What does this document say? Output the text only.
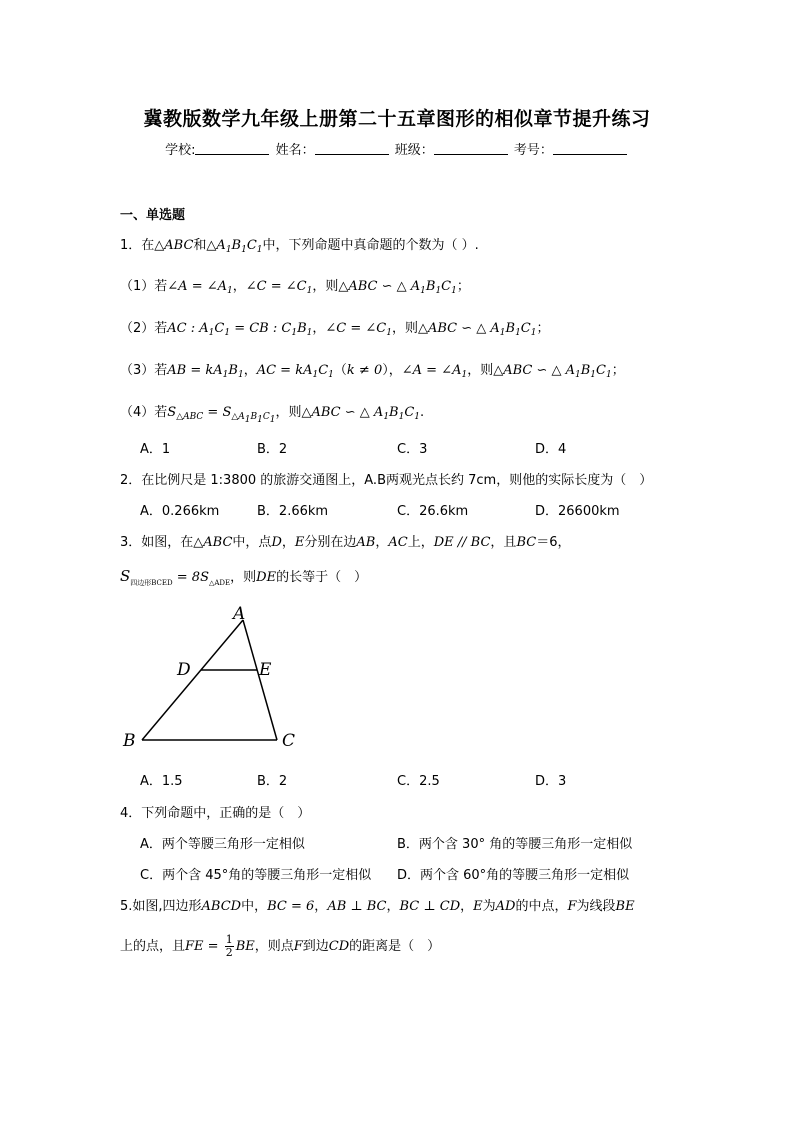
冀教版数学九年级上册第二十五章图形的相似章节提升练习
学校:	姓名：	班级：	考号：
一、单选题
1．在△ABC和$\triangle A_1B_1C_1$中，下列命题中真命题的个数为（ ）.
（1）若∠A = $\angle A_1$，∠C = $\angle C_1$，则△ABC ∽ △ $A_1B_1C_1$；
（2）若AC : $A_1C_1$ = CB : $C_1B_1$，∠C = $\angle C_1$，则△ABC ∽ △ $A_1B_1C_1$；
（3）若AB = $kA_1B_1$，AC = $kA_1C_1(k \ne 0)$，∠A = $\angle A_1$，则△ABC ∽ △ $A_1B_1C_1$；
（4）若$S_{\triangle ABC} = S_{\triangle A_1B_1C_1}$，则△ABC ∽ △ $A_1B_1C_1$.
A．1	B．2	C．3	D．4
2．在比例尺是 1:3800 的旅游交通图上，A.B两观光点长约 7cm，则他的实际长度为（　）
A．0.266km	B．2.66km	C．26.6km	D．26600km
3．如图，在△ABC中，点D，E分别在边AB，AC上，DE // BC，且BC＝6，
$S_{四边形BCED} = 8S_{\triangle ADE}$，则DE的长等于（　）
A
D	E
B	C
A．1.5	B．2	C．2.5	D．3
4．下列命题中，正确的是（　）
A．两个等腰三角形一定相似	B．两个含 30° 角的等腰三角形一定相似
C．两个含 45°角的等腰三角形一定相似 D．两个含 60°角的等腰三角形一定相似
5.如图,四边形ABCD中，BC = 6，AB ⊥ BC，BC ⊥ CD，E为AD的中点，F为线段BE
上的点，且FE = $\frac{1}{2}$ BE，则点F到边CD的距离是（　）
